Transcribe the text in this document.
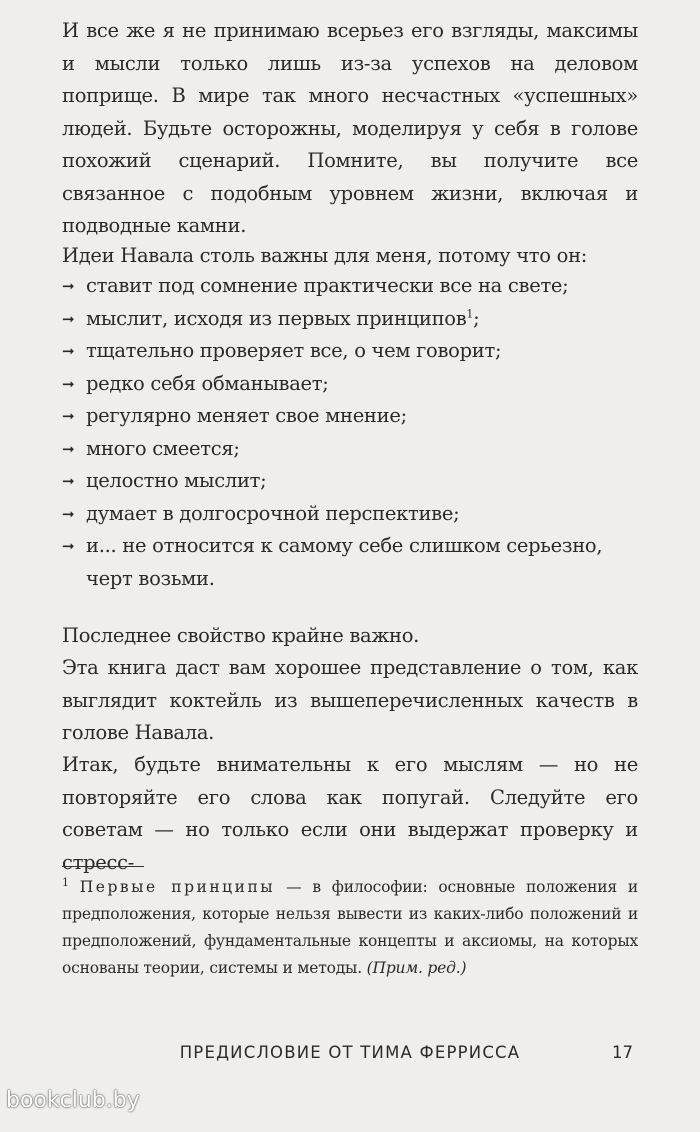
И все же я не принимаю всерьез его взгляды, максимы и мысли только лишь из-за успехов на деловом поприще. В мире так много несчастных «успешных» людей. Будьте осторожны, моделируя у себя в голове похожий сценарий. Помните, вы получите все связанное с подобным уровнем жизни, включая и подводные камни.

Идеи Навала столь важны для меня, потому что он:

➞ ставит под сомнение практически все на свете;
➞ мыслит, исходя из первых принципов$^1$;
➞ тщательно проверяет все, о чем говорит;
➞ редко себя обманывает;
➞ регулярно меняет свое мнение;
➞ много смеется;
➞ целостно мыслит;
➞ думает в долгосрочной перспективе;
➞ и... не относится к самому себе слишком серьезно, черт возьми.

Последнее свойство крайне важно.

Эта книга даст вам хорошее представление о том, как выглядит коктейль из вышеперечисленных качеств в голове Навала.

Итак, будьте внимательны к его мыслям — но не повторяйте его слова как попугай. Следуйте его советам — но только если они выдержат проверку и стресс-

$^1$ Первые принципы — в философии: основные положения и предположения, которые нельзя вывести из каких-либо положений и предположений, фундаментальные концепты и аксиомы, на которых основаны теории, системы и методы. (Прим. ред.)

ПРЕДИСЛОВИЕ ОТ ТИМА ФЕРРИССА	17
bookclub.by
